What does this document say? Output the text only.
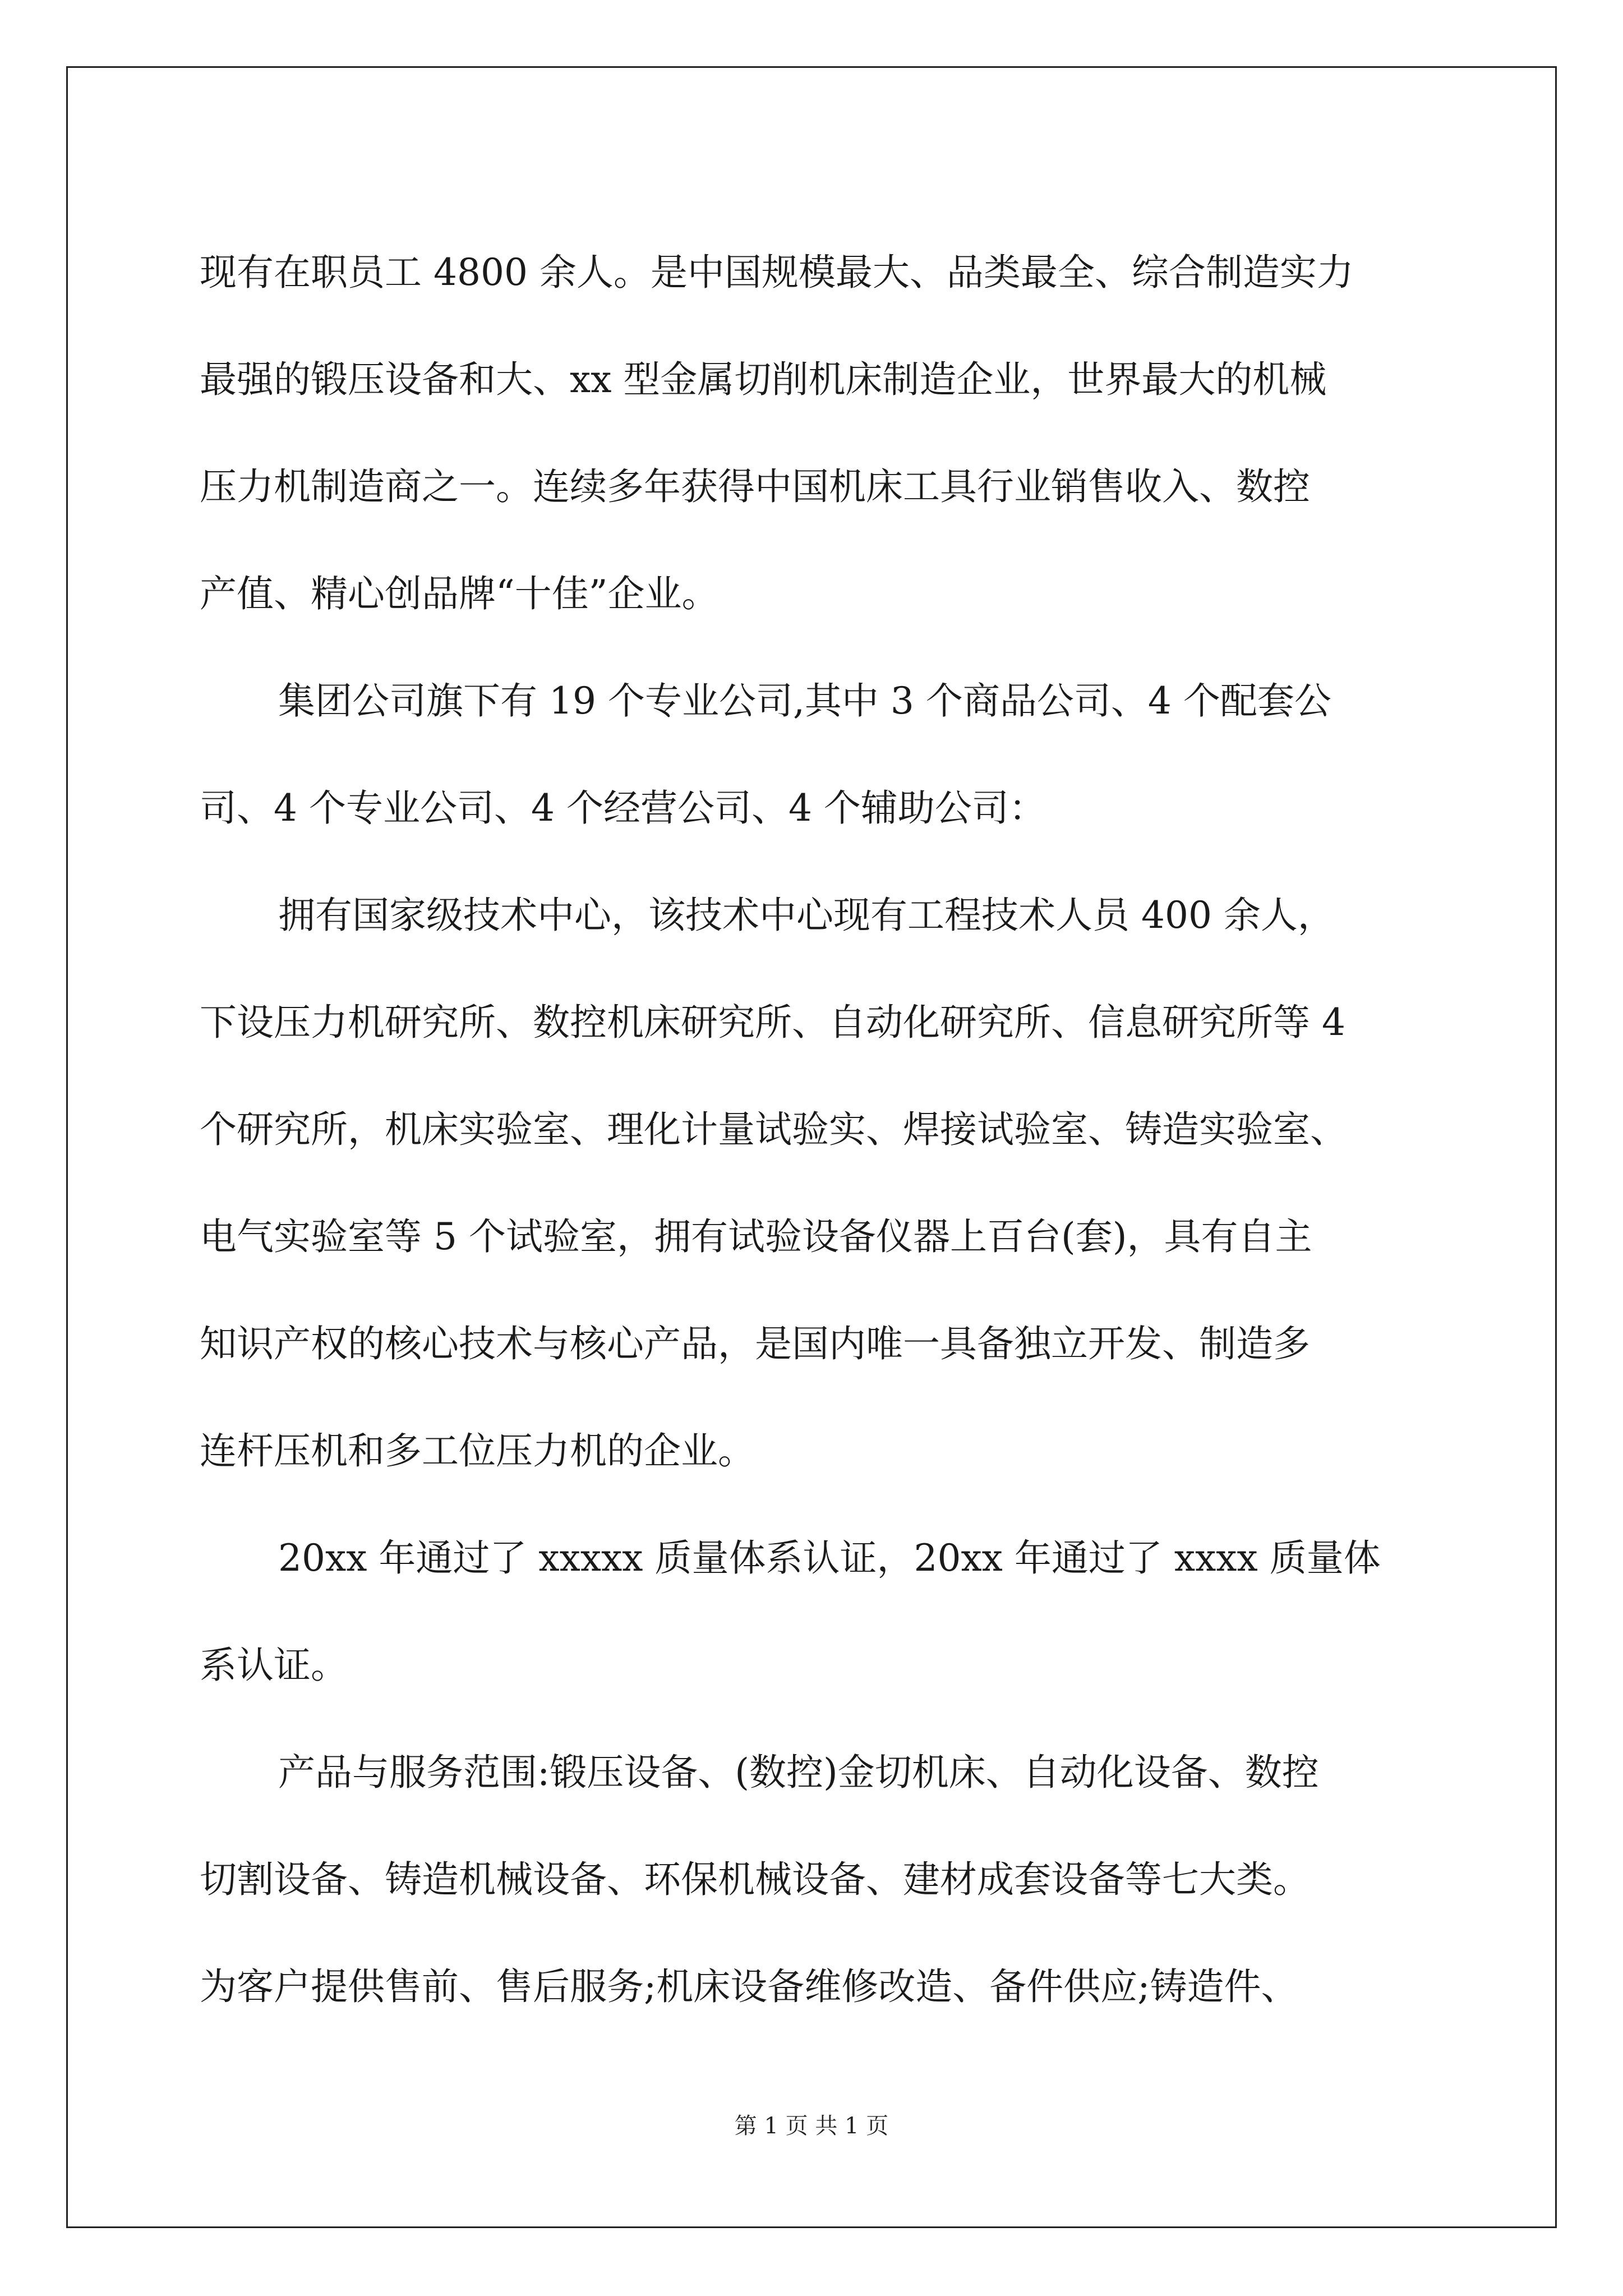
现有在职员工 4800 余人。是中国规模最大、品类最全、综合制造实力
最强的锻压设备和大、xx 型金属切削机床制造企业，世界最大的机械
压力机制造商之一。连续多年获得中国机床工具行业销售收入、数控
产值、精心创品牌“十佳”企业。
集团公司旗下有 19 个专业公司,其中 3 个商品公司、4 个配套公
司、4 个专业公司、4 个经营公司、4 个辅助公司：
拥有国家级技术中心，该技术中心现有工程技术人员 400 余人，
下设压力机研究所、数控机床研究所、自动化研究所、信息研究所等 4
个研究所，机床实验室、理化计量试验实、焊接试验室、铸造实验室、
电气实验室等 5 个试验室，拥有试验设备仪器上百台(套)，具有自主
知识产权的核心技术与核心产品，是国内唯一具备独立开发、制造多
连杆压机和多工位压力机的企业。
20xx 年通过了 xxxxx 质量体系认证，20xx 年通过了 xxxx 质量体
系认证。
产品与服务范围:锻压设备、(数控)金切机床、自动化设备、数控
切割设备、铸造机械设备、环保机械设备、建材成套设备等七大类。
为客户提供售前、售后服务;机床设备维修改造、备件供应;铸造件、
第 1 页 共 1 页
